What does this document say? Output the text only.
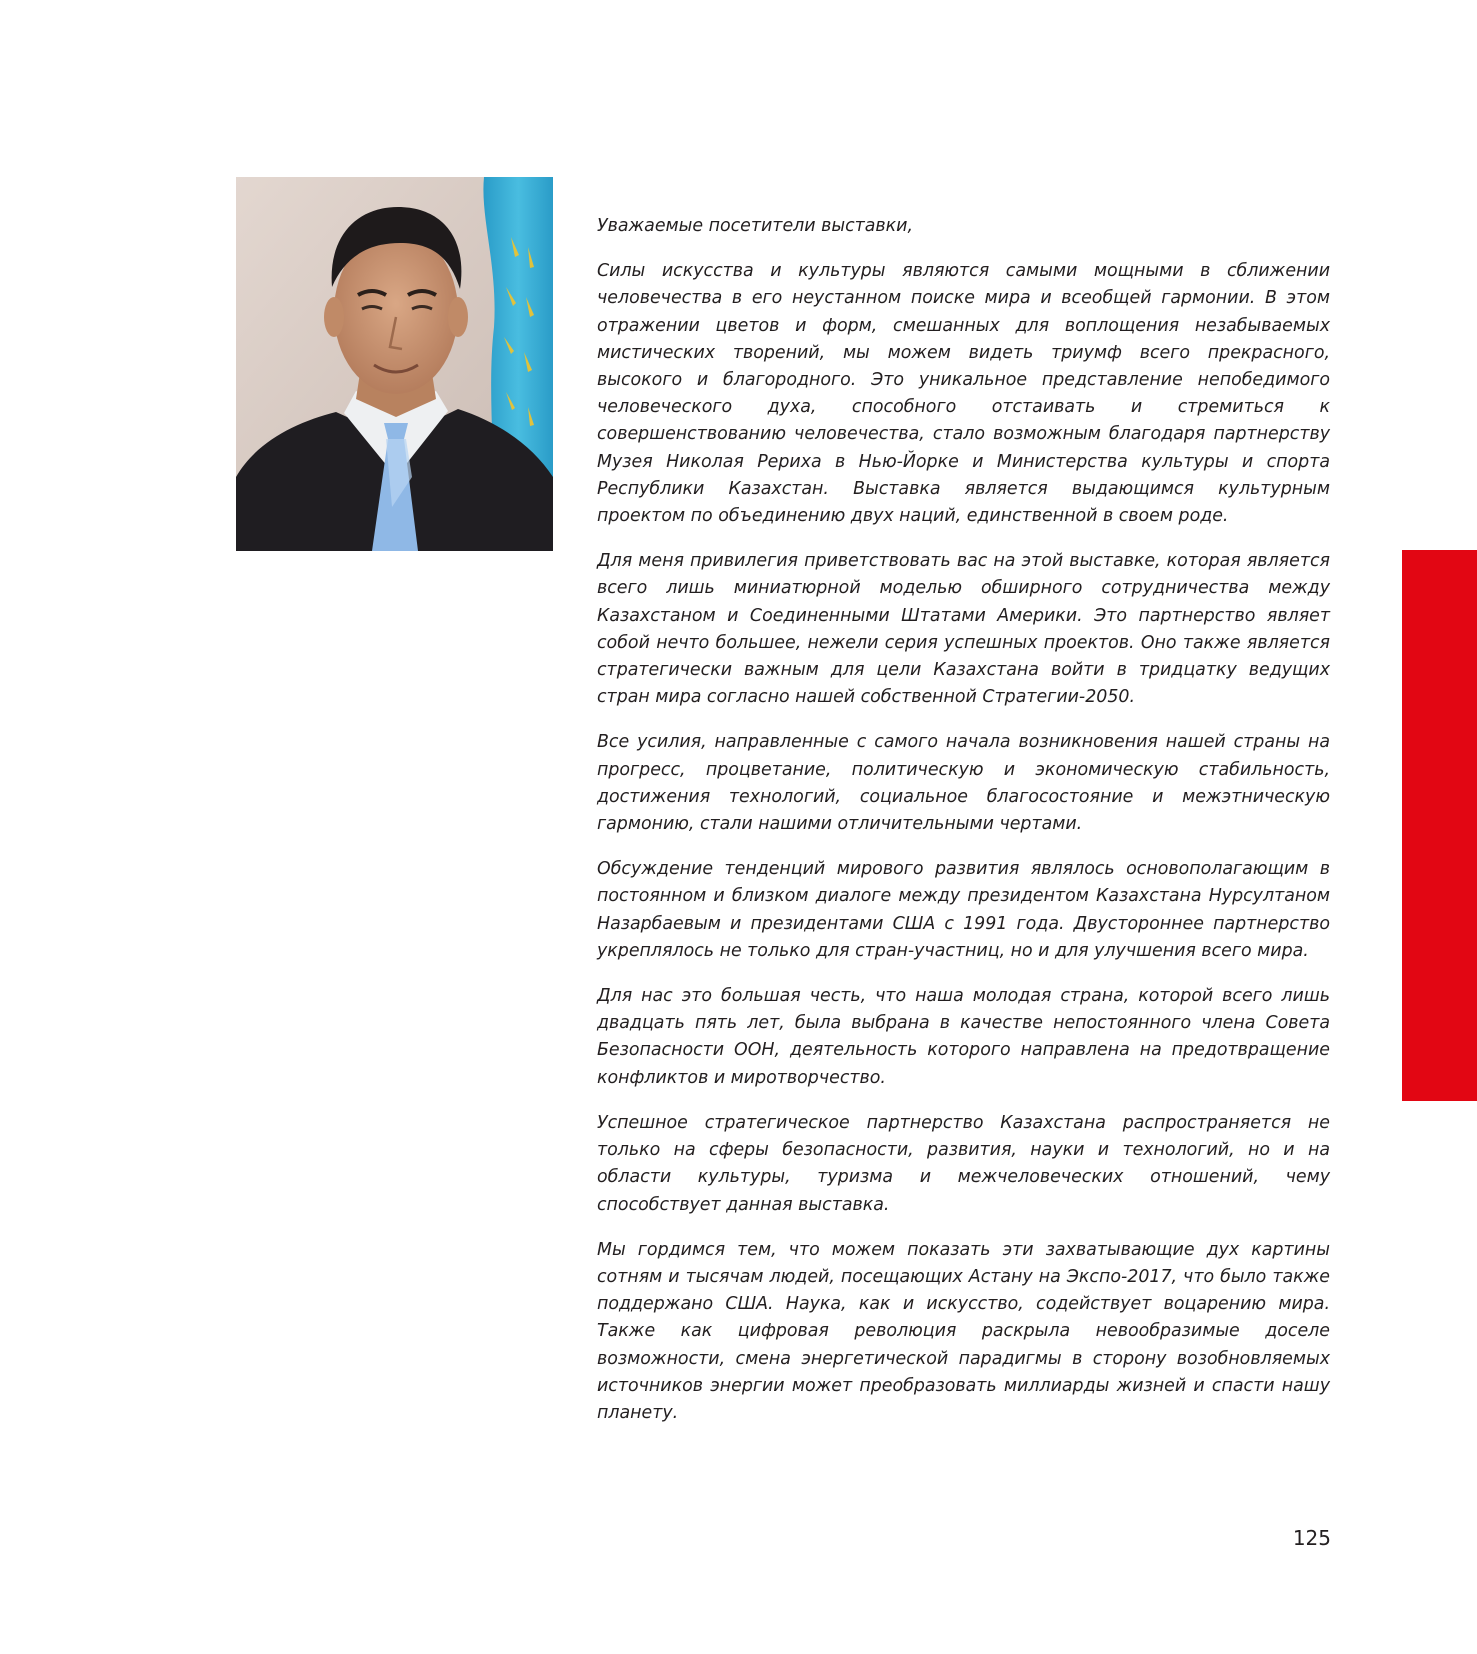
Уважаемые посетители выставки,

Силы искусства и культуры являются самыми мощными в сближении человечества в его неустанном поиске мира и всеобщей гармонии. В этом отражении цветов и форм, смешанных для воплощения незабываемых мистических творений, мы можем видеть триумф всего прекрасного, высокого и благородного. Это уникальное представление непобедимого человеческого духа, способного отстаивать и стремиться к совершенствованию человечества, стало возможным благодаря партнерству Музея Николая Рериха в Нью-Йорке и Министерства культуры и спорта Республики Казахстан. Выставка является выдающимся культурным проектом по объединению двух наций, единственной в своем роде.

Для меня привилегия приветствовать вас на этой выставке, которая является всего лишь миниатюрной моделью обширного сотрудничества между Казахстаном и Соединенными Штатами Америки. Это партнерство являет собой нечто большее, нежели серия успешных проектов. Оно также является стратегически важным для цели Казахстана войти в тридцатку ведущих стран мира согласно нашей собственной Стратегии-2050.

Все усилия, направленные с самого начала возникновения нашей страны на прогресс, процветание, политическую и экономическую стабильность, достижения технологий, социальное благосостояние и межэтническую гармонию, стали нашими отличительными чертами.

Обсуждение тенденций мирового развития являлось основополагающим в постоянном и близком диалоге между президентом Казахстана Нурсултаном Назарбаевым и президентами США с 1991 года. Двустороннее партнерство укреплялось не только для стран-участниц, но и для улучшения всего мира.

Для нас это большая честь, что наша молодая страна, которой всего лишь двадцать пять лет, была выбрана в качестве непостоянного члена Совета Безопасности ООН, деятельность которого направлена на предотвращение конфликтов и миротворчество.

Успешное стратегическое партнерство Казахстана распространяется не только на сферы безопасности, развития, науки и технологий, но и на области культуры, туризма и межчеловеческих отношений, чему способствует данная выставка.

Мы гордимся тем, что можем показать эти захватывающие дух картины сотням и тысячам людей, посещающих Астану на Экспо-2017, что было также поддержано США. Наука, как и искусство, содействует воцарению мира. Также как цифровая революция раскрыла невообразимые доселе возможности, смена энергетической парадигмы в сторону возобновляемых источников энергии может преобразовать миллиарды жизней и спасти нашу планету.

125
